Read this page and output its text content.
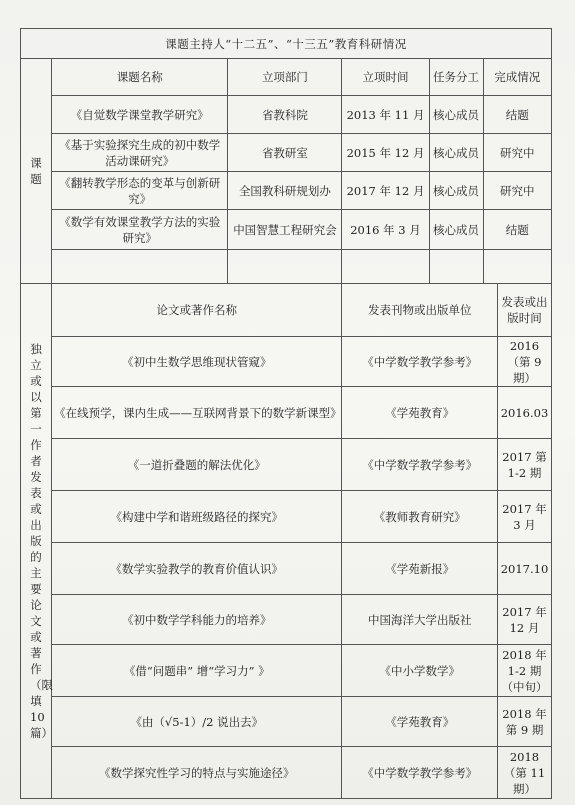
课题主持人“十二五”、“十三五”教育科研情况						

课题	课题名称	立项部门	立项时间	任务分工	完成情况	
	《自觉数学课堂教学研究》	省教科院	2013 年 11 月	核心成员	结题	
	《基于实验探究生成的初中数学活动课研究》	省教研室	2015 年 12 月	核心成员	研究中	
	《翻转教学形态的变革与创新研究》	全国教科研规划办	2017 年 12 月	核心成员	研究中	
	《数学有效课堂教学方法的实验研究》	中国智慧工程研究会	2016 年 3 月	核心成员	结题	

独立或以第一作者发表或出版的主要论文或著作（限填10篇）	论文或著作名称		发表刊物或出版单位			发表或出版时间
	《初中生数学思维现状管窥》		《中学数学教学参考》			2016（第 9 期）
	《在线预学，课内生成——互联网背景下的数学新课型》		《学苑教育》			2016.03
	《一道折叠题的解法优化》		《中学数学教学参考》			2017 第 1-2 期
	《构建中学和谐班级路径的探究》		《教师教育研究》			2017 年 3 月
	《数学实验教学的教育价值认识》		《学苑新报》			2017.10
	《初中数学学科能力的培养》		中国海洋大学出版社			2017 年 12 月
	《借“问题串” 增“学习力” 》		《中小学数学》			2018 年 1-2 期（中旬）
	《由（√5-1）/2 说出去》		《学苑教育》			2018 年第 9 期
	《数学探究性学习的特点与实施途径》		《中学数学教学参考》			2018（第 11 期）
